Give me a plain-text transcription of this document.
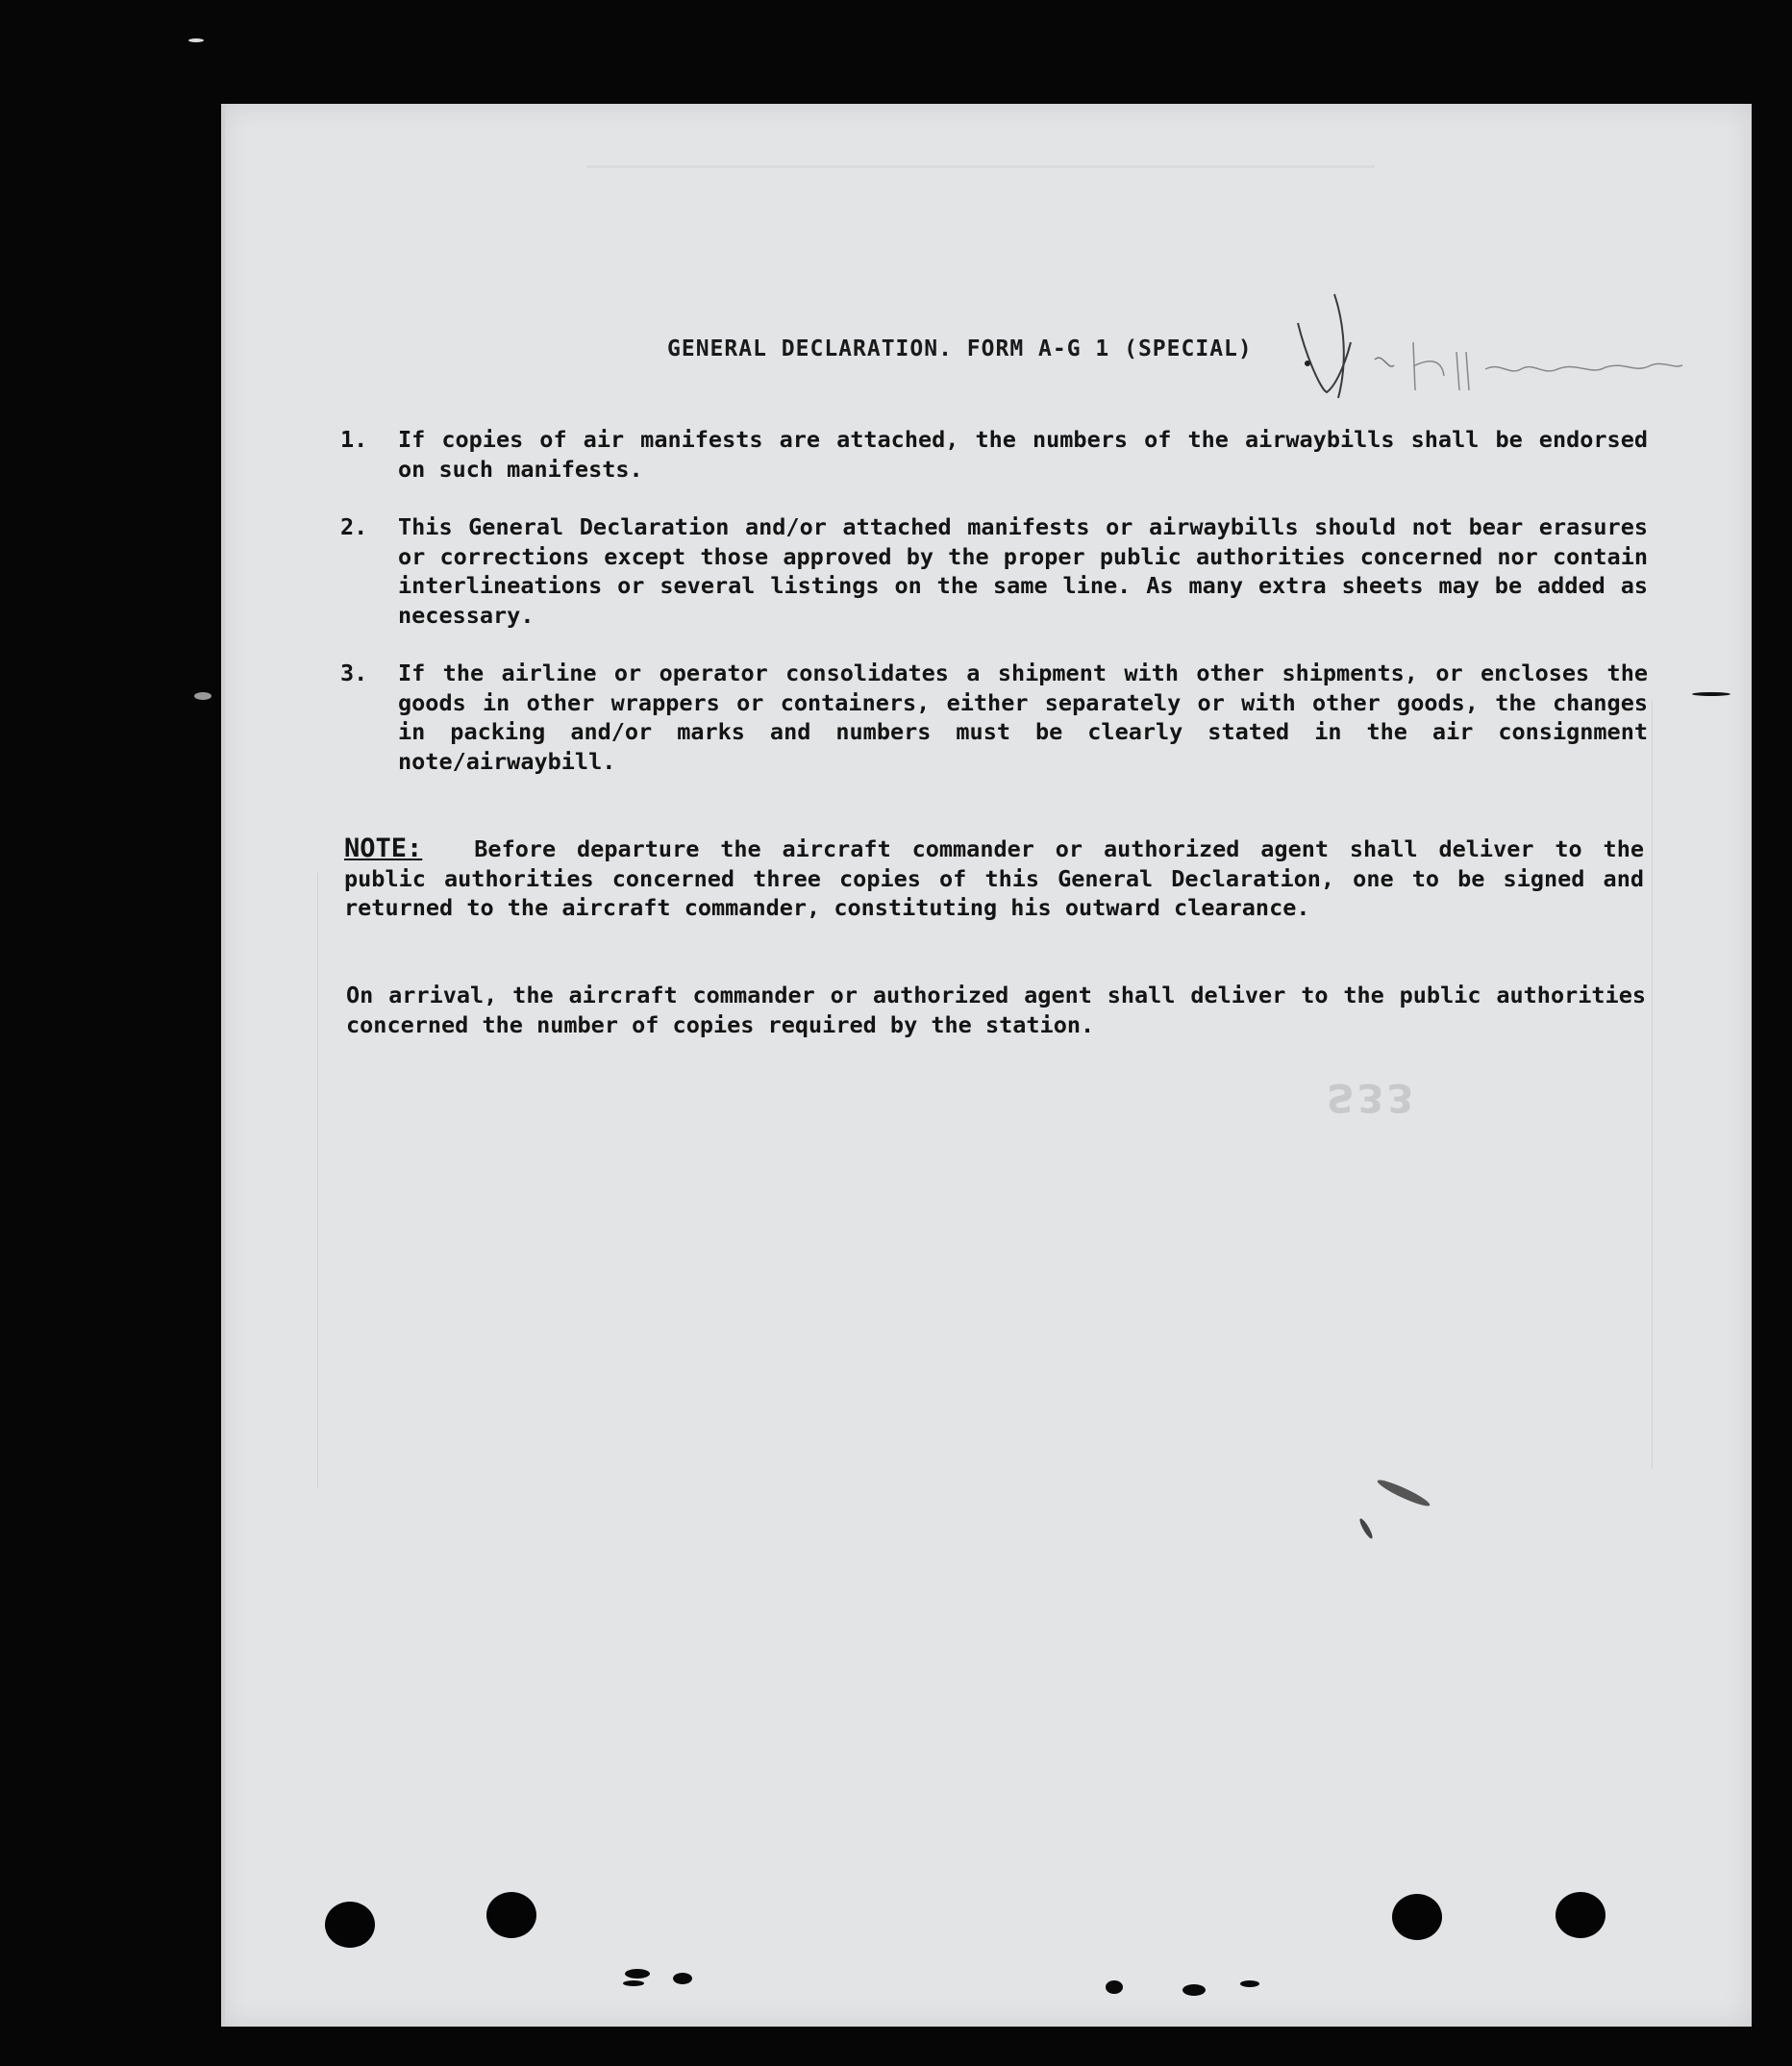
GENERAL DECLARATION. FORM A-G 1 (SPECIAL)
1. If copies of air manifests are attached, the numbers of the airwaybills shall be endorsed on such manifests.
2. This General Declaration and/or attached manifests or airwaybills should not bear erasures or corrections except those approved by the proper public authorities concerned nor contain interlineations or several listings on the same line. As many extra sheets may be added as necessary.
3. If the airline or operator consolidates a shipment with other shipments, or encloses the goods in other wrappers or containers, either separately or with other goods, the changes in packing and/or marks and numbers must be clearly stated in the air consignment note/airwaybill.
NOTE: Before departure the aircraft commander or authorized agent shall deliver to the public authorities concerned three copies of this General Declaration, one to be signed and returned to the aircraft commander, constituting his outward clearance.
On arrival, the aircraft commander or authorized agent shall deliver to the public authorities concerned the number of copies required by the station.
S33
